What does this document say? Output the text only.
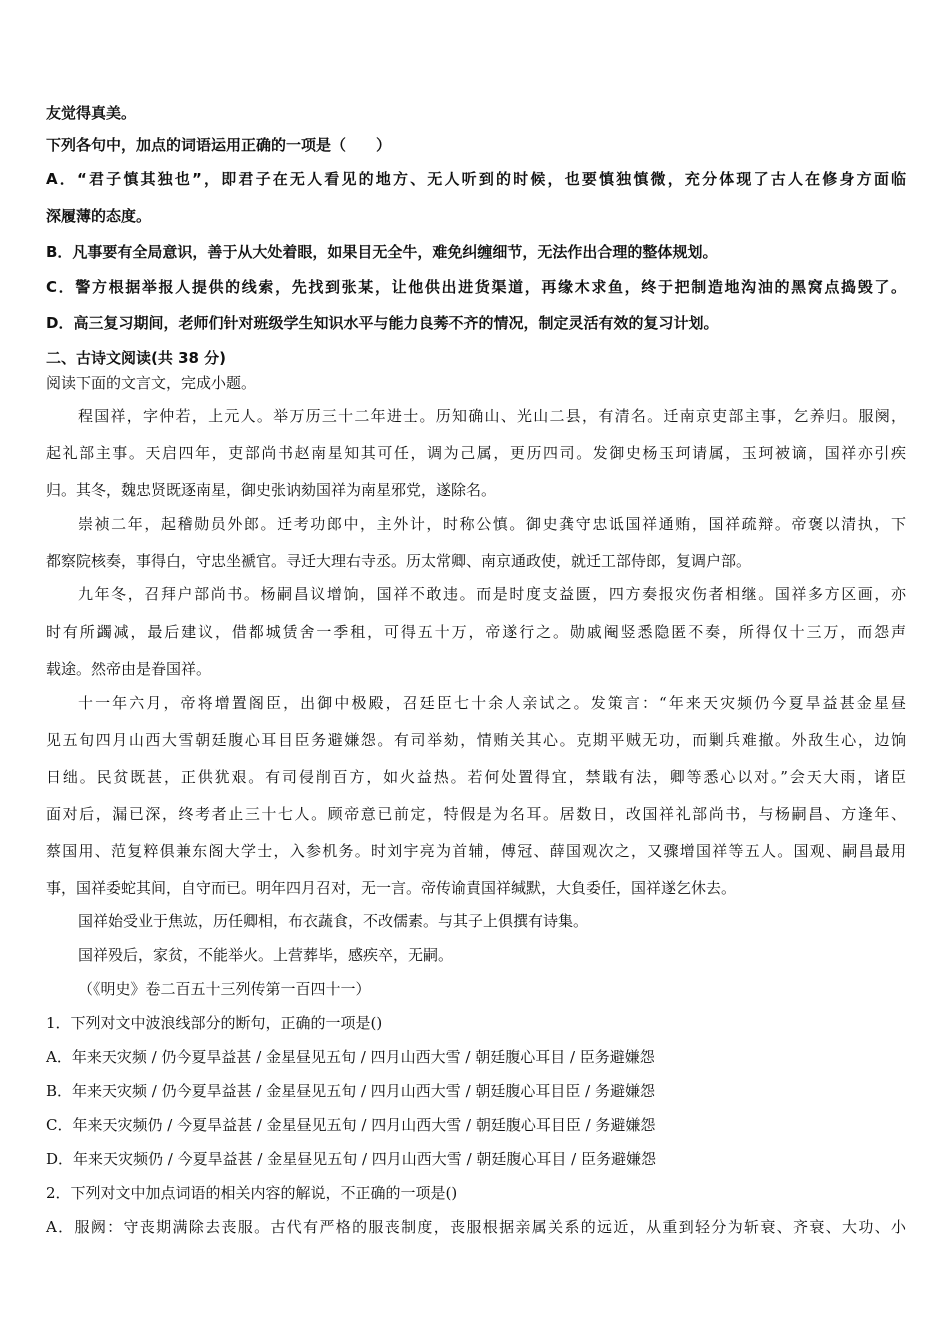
友觉得真美。
下列各句中，加点的词语运用正确的一项是（　　）
A．“君子慎其独也”，即君子在无人看见的地方、无人听到的时候，也要慎独慎微，充分体现了古人在修身方面临
深履薄的态度。
B．凡事要有全局意识，善于从大处着眼，如果目无全牛，难免纠缠细节，无法作出合理的整体规划。
C．警方根据举报人提供的线索，先找到张某，让他供出进货渠道，再缘木求鱼，终于把制造地沟油的黑窝点捣毁了。
D．高三复习期间，老师们针对班级学生知识水平与能力良莠不齐的情况，制定灵活有效的复习计划。
二、古诗文阅读(共 38 分)
阅读下面的文言文，完成小题。
程国祥，字仲若，上元人。举万历三十二年进士。历知确山、光山二县，有清名。迁南京吏部主事，乞养归。服阕，
起礼部主事。天启四年，吏部尚书赵南星知其可任，调为己属，更历四司。发御史杨玉珂请属，玉珂被谪，国祥亦引疾
归。其冬，魏忠贤既逐南星，御史张讷劾国祥为南星邪党，遂除名。
崇祯二年，起稽勋员外郎。迁考功郎中，主外计，时称公慎。御史龚守忠诋国祥通贿，国祥疏辩。帝褒以清执，下
都察院核奏，事得白，守忠坐褫官。寻迁大理右寺丞。历太常卿、南京通政使，就迁工部侍郎，复调户部。
九年冬，召拜户部尚书。杨嗣昌议增饷，国祥不敢违。而是时度支益匮，四方奏报灾伤者相继。国祥多方区画，亦
时有所蠲减，最后建议，借都城赁舍一季租，可得五十万，帝遂行之。勋戚阉竖悉隐匿不奏，所得仅十三万，而怨声
载途。然帝由是眷国祥。
十一年六月，帝将增置阁臣，出御中极殿，召廷臣七十余人亲试之。发策言：“年来天灾频仍今夏旱益甚金星昼
见五旬四月山西大雪朝廷腹心耳目臣务避嫌怨。有司举劾，情贿关其心。克期平贼无功，而剿兵难撤。外敌生心，边饷
日绌。民贫既甚，正供犹艰。有司侵削百方，如火益热。若何处置得宜，禁戢有法，卿等悉心以对。”会天大雨，诸臣
面对后，漏已深，终考者止三十七人。顾帝意已前定，特假是为名耳。居数日，改国祥礼部尚书，与杨嗣昌、方逢年、
蔡国用、范复粹俱兼东阁大学士，入参机务。时刘宇亮为首辅，傅冠、薛国观次之，又骤增国祥等五人。国观、嗣昌最用
事，国祥委蛇其间，自守而已。明年四月召对，无一言。帝传谕責国祥缄默，大負委任，国祥遂乞休去。
国祥始受业于焦竑，历任卿相，布衣蔬食，不改儒素。与其子上俱撰有诗集。
国祥殁后，家贫，不能举火。上营葬毕，感疾卒，无嗣。
（《明史》卷二百五十三列传第一百四十一）
1．下列对文中波浪线部分的断句，正确的一项是()
A．年来天灾频 / 仍今夏旱益甚 / 金星昼见五旬 / 四月山西大雪 / 朝廷腹心耳目 / 臣务避嫌怨
B．年来天灾频 / 仍今夏旱益甚 / 金星昼见五旬 / 四月山西大雪 / 朝廷腹心耳目臣 / 务避嫌怨
C．年来天灾频仍 / 今夏旱益甚 / 金星昼见五旬 / 四月山西大雪 / 朝廷腹心耳目臣 / 务避嫌怨
D．年来天灾频仍 / 今夏旱益甚 / 金星昼见五旬 / 四月山西大雪 / 朝廷腹心耳目 / 臣务避嫌怨
2．下列对文中加点词语的相关内容的解说，不正确的一项是()
A．服阙：守丧期满除去丧服。古代有严格的服丧制度，丧服根据亲属关系的远近，从重到轻分为斩衰、齐衰、大功、小
